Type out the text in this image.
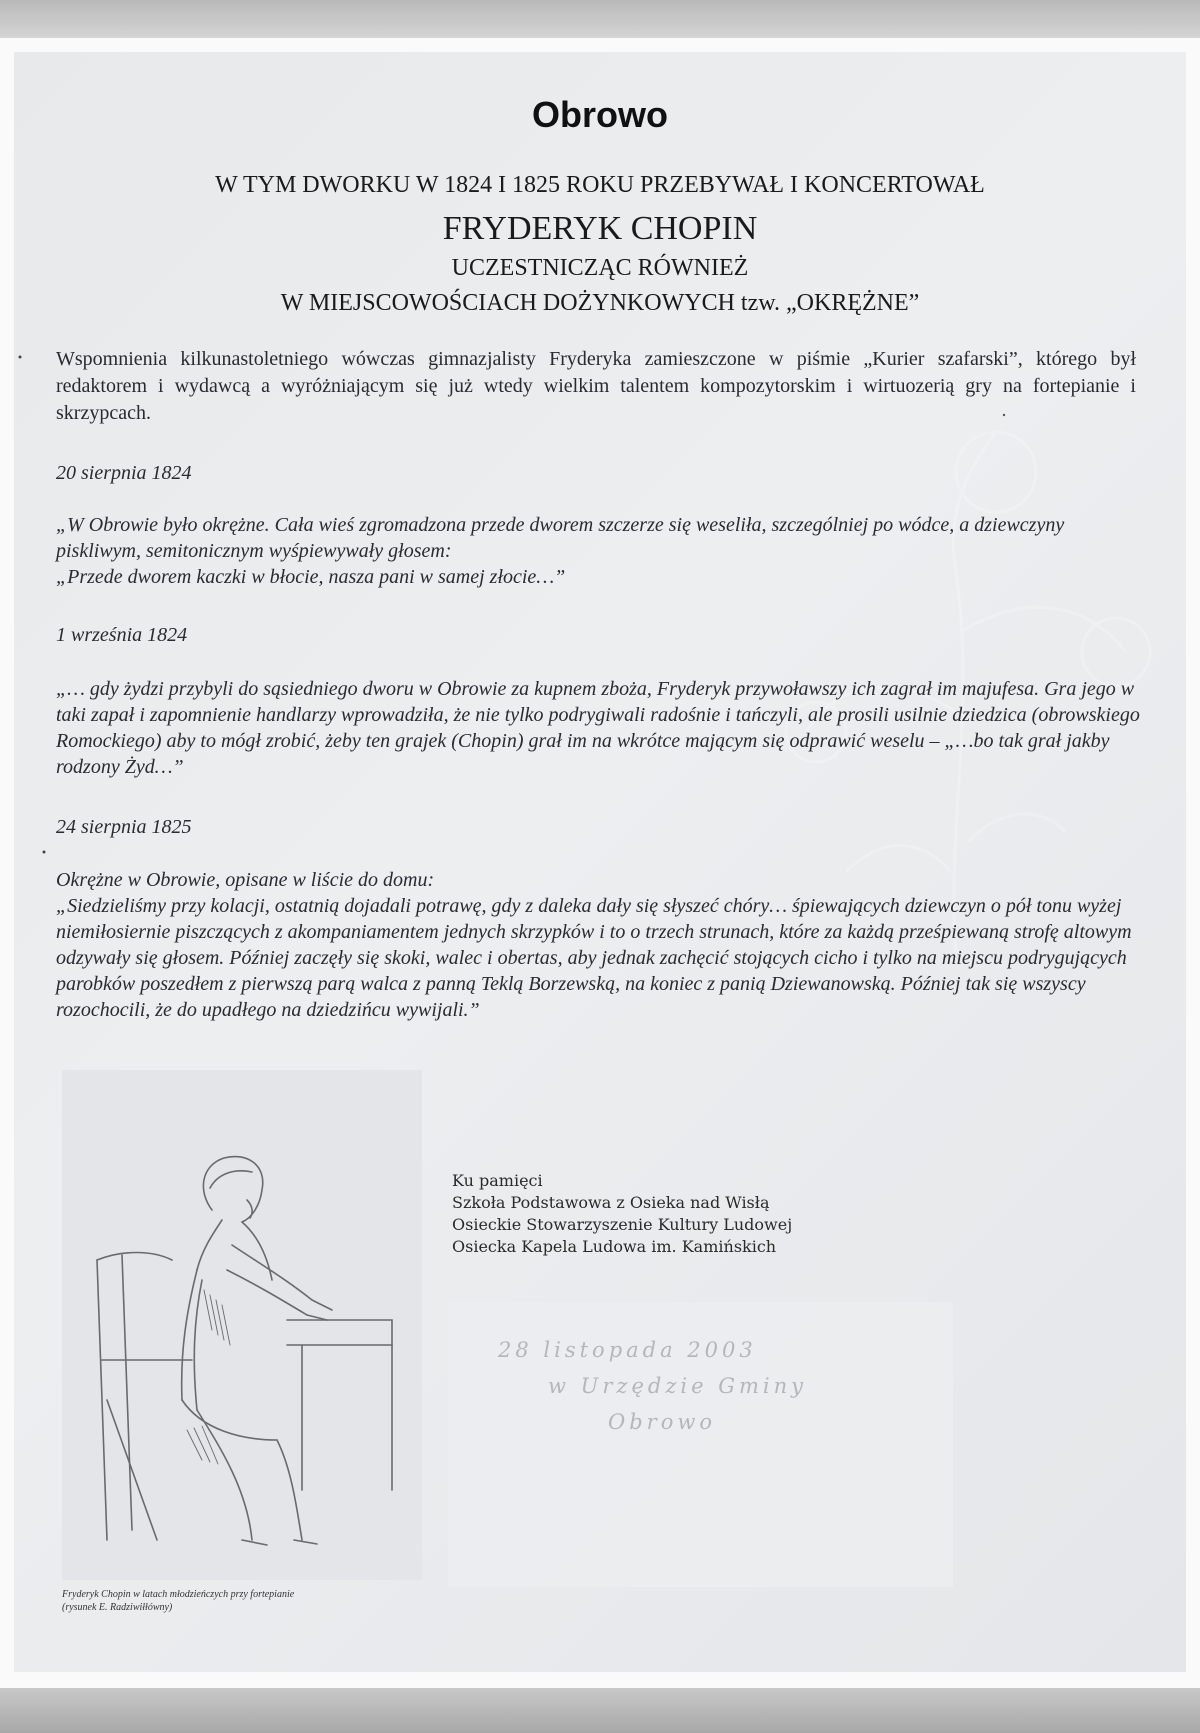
Obrowo
W TYM DWORKU W 1824 I 1825 ROKU PRZEBYWAŁ I KONCERTOWAŁ
FRYDERYK CHOPIN
UCZESTNICZĄC RÓWNIEŻ
W MIEJSCOWOŚCIACH DOŻYNKOWYCH tzw. „OKRĘŻNE”
Wspomnienia kilkunastoletniego wówczas gimnazjalisty Fryderyka zamieszczone w piśmie „Kurier szafarski”, którego był redaktorem i wydawcą a wyróżniającym się już wtedy wielkim talentem kompozytorskim i wirtuozerią gry na fortepianie i skrzypcach.
20 sierpnia 1824

„W Obrowie było okrężne. Cała wieś zgromadzona przede dworem szczerze się weseliła, szczególniej po wódce, a dziewczyny piskliwym, semitonicznym wyśpiewywały głosem:

„Przede dworem kaczki w błocie, nasza pani w samej złocie…”

1 września 1824

„… gdy żydzi przybyli do sąsiedniego dworu w Obrowie za kupnem zboża, Fryderyk przywoławszy ich zagrał im majufesa. Gra jego w taki zapał i zapomnienie handlarzy wprowadziła, że nie tylko podrygiwali radośnie i tańczyli, ale prosili usilnie dziedzica (obrowskiego Romockiego) aby to mógł zrobić, żeby ten grajek (Chopin) grał im na wkrótce mającym się odprawić weselu – „…bo tak grał jakby rodzony Żyd…”

24 sierpnia 1825

Okrężne w Obrowie, opisane w liście do domu:

„Siedzieliśmy przy kolacji, ostatnią dojadali potrawę, gdy z daleka dały się słyszeć chóry… śpiewających dziewczyn o pół tonu wyżej niemiłosiernie piszczących z akompaniamentem jednych skrzypków i to o trzech strunach, które za każdą prześpiewaną strofę altowym odzywały się głosem. Później zaczęły się skoki, walec i obertas, aby jednak zachęcić stojących cicho i tylko na miejscu podrygujących parobków poszedłem z pierwszą parą walca z panną Teklą Borzewską, na koniec z panią Dziewanowską. Później tak się wszyscy rozochocili, że do upadłego na dziedzińcu wywijali.”

Fryderyk Chopin w latach młodzieńczych przy fortepianie
(rysunek E. Radziwiłłówny)
Ku pamięci
Szkoła Podstawowa z Osieka nad Wisłą
Osieckie Stowarzyszenie Kultury Ludowej
Osiecka Kapela Ludowa im. Kamińskich
28 listopada 2003
w Urzędzie Gminy
Obrowo
